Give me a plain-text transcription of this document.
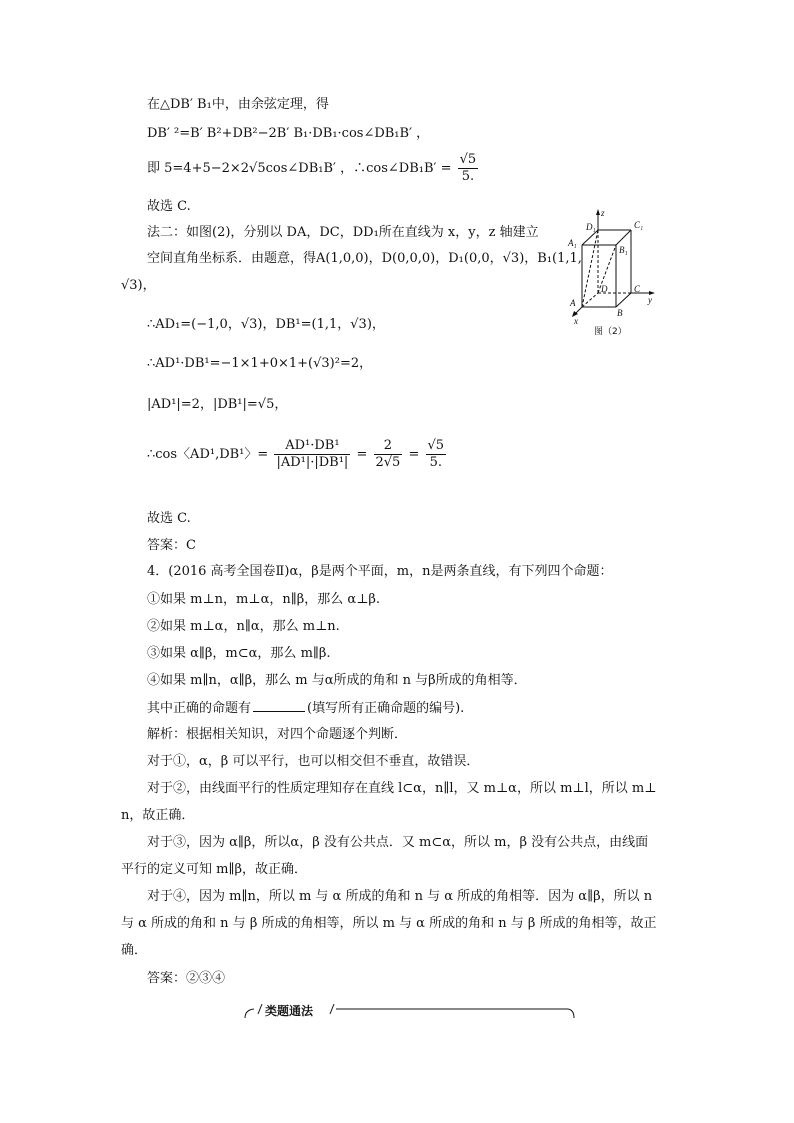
在△DB′ B₁中，由余弦定理，得
DB′ ²=B′ B²+DB²−2B′ B₁·DB₁·cos∠DB₁B′ ，
即 5=4+5−2×2√5cos∠DB₁B′ ，∴cos∠DB₁B′ = $\frac{√5}{5.}$
故选 C.
法二：如图(2)，分别以 DA，DC，DD₁所在直线为 x，y，z 轴建立
空间直角坐标系．由题意，得A(1,0,0)，D(0,0,0)，D₁(0,0，√3)，B₁(1,1,
√3)，
∴AD₁=(−1,0，√3)，DB¹=(1,1，√3)，
∴AD¹·DB¹=−1×1+0×1+(√3)²=2，
|AD¹|=2，|DB¹|=√5，
∴cos〈AD¹,DB¹〉= $\frac{\text{AD¹·DB¹}}{\text{|AD¹|·|DB¹|}} = \frac{2}{2√5} = \frac{√5}{5.}$
故选 C.
答案：C
4．(2016 高考全国卷Ⅱ)α，β是两个平面，m，n是两条直线，有下列四个命题：
①如果 m⊥n，m⊥α，n∥β，那么 α⊥β.
②如果 m⊥α，n∥α，那么 m⊥n.
③如果 α∥β，m⊂α，那么 m∥β.
④如果 m∥n，α∥β，那么 m 与α所成的角和 n 与β所成的角相等．
其中正确的命题有	(填写所有正确命题的编号).
解析：根据相关知识，对四个命题逐个判断．
对于①，α，β 可以平行，也可以相交但不垂直，故错误．
对于②，由线面平行的性质定理知存在直线 l⊂α，n∥l，又 m⊥α，所以 m⊥l，所以 m⊥
n，故正确．
对于③，因为 α∥β，所以α，β 没有公共点．又 m⊂α，所以 m，β 没有公共点，由线面
平行的定义可知 m∥β，故正确．
对于④，因为 m∥n，所以 m 与 α 所成的角和 n 与 α 所成的角相等．因为 α∥β，所以 n
与 α 所成的角和 n 与 β 所成的角相等，所以 m 与 α 所成的角和 n 与 β 所成的角相等，故正
确．
答案：②③④
z
D₁	C₁
A₁
B₁
D	C
A
B
x
y
图（2）
类题通法
